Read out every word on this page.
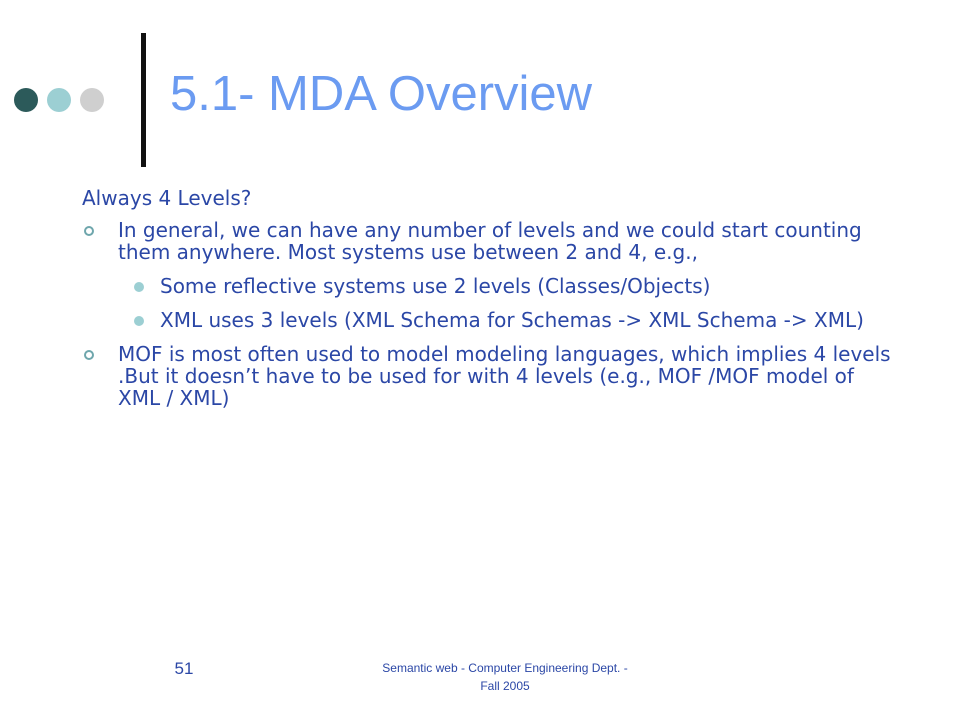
5.1- MDA Overview

Always 4 Levels?

In general, we can have any number of levels and we could start counting them anywhere. Most systems use between 2 and 4, e.g.,
Some reflective systems use 2 levels (Classes/Objects)
XML uses 3 levels (XML Schema for Schemas -> XML Schema -> XML)
MOF is most often used to model modeling languages, which implies 4 levels .But it doesn’t have to be used for with 4 levels (e.g., MOF /MOF model of XML / XML)
51	Semantic web - Computer Engineering Dept. -
Fall 2005
